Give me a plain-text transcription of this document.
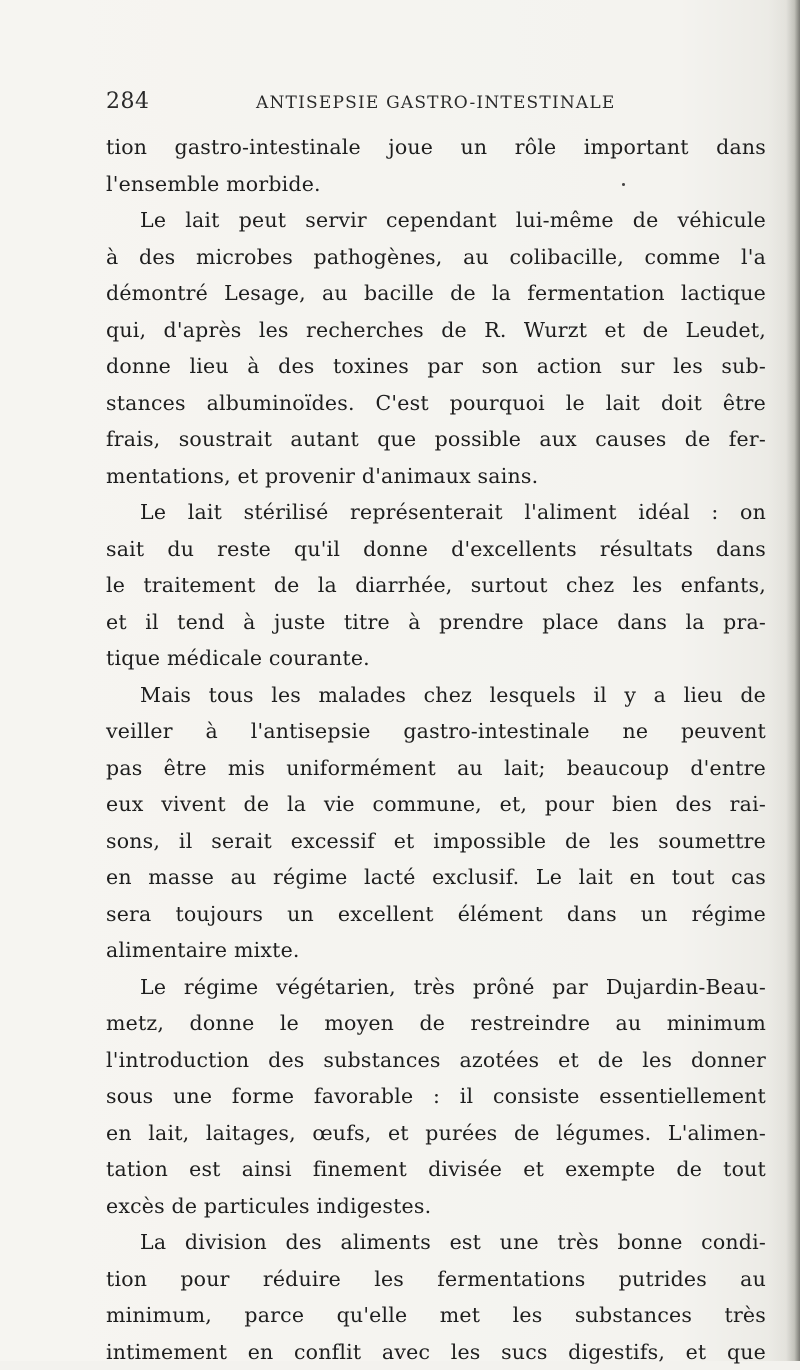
284	ANTISEPSIE GASTRO-INTESTINALE
tion gastro-intestinale joue un rôle important dans
l'ensemble morbide.
Le lait peut servir cependant lui-même de véhicule
à des microbes pathogènes, au colibacille, comme l'a
démontré Lesage, au bacille de la fermentation lactique
qui, d'après les recherches de R. Wurzt et de Leudet,
donne lieu à des toxines par son action sur les sub-
stances albuminoïdes. C'est pourquoi le lait doit être
frais, soustrait autant que possible aux causes de fer-
mentations, et provenir d'animaux sains.
Le lait stérilisé représenterait l'aliment idéal : on
sait du reste qu'il donne d'excellents résultats dans
le traitement de la diarrhée, surtout chez les enfants,
et il tend à juste titre à prendre place dans la pra-
tique médicale courante.
Mais tous les malades chez lesquels il y a lieu de
veiller à l'antisepsie gastro-intestinale ne peuvent
pas être mis uniformément au lait; beaucoup d'entre
eux vivent de la vie commune, et, pour bien des rai-
sons, il serait excessif et impossible de les soumettre
en masse au régime lacté exclusif. Le lait en tout cas
sera toujours un excellent élément dans un régime
alimentaire mixte.
Le régime végétarien, très prôné par Dujardin-Beau-
metz, donne le moyen de restreindre au minimum
l'introduction des substances azotées et de les donner
sous une forme favorable : il consiste essentiellement
en lait, laitages, œufs, et purées de légumes. L'alimen-
tation est ainsi finement divisée et exempte de tout
excès de particules indigestes.
La division des aliments est une très bonne condi-
tion pour réduire les fermentations putrides au
minimum, parce qu'elle met les substances très
intimement en conflit avec les sucs digestifs, et que
